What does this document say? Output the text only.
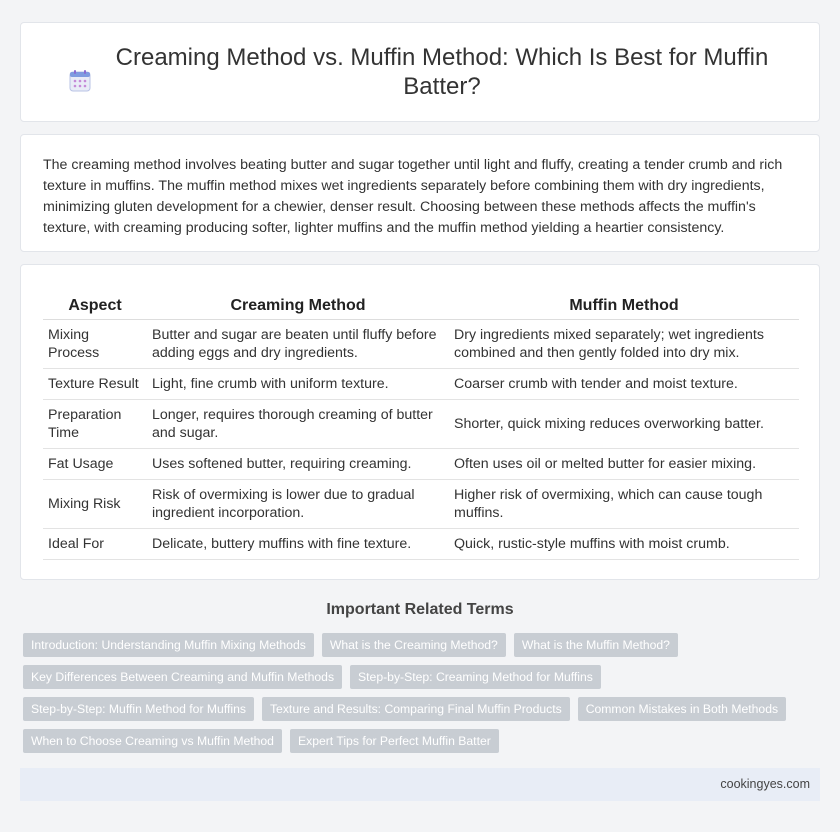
Creaming Method vs. Muffin Method: Which Is Best for Muffin Batter?

The creaming method involves beating butter and sugar together until light and fluffy, creating a tender crumb and rich texture in muffins. The muffin method mixes wet ingredients separately before combining them with dry ingredients, minimizing gluten development for a chewier, denser result. Choosing between these methods affects the muffin's texture, with creaming producing softer, lighter muffins and the muffin method yielding a heartier consistency.

Aspect	Creaming Method	Muffin Method
Mixing Process	Butter and sugar are beaten until fluffy before adding eggs and dry ingredients.	Dry ingredients mixed separately; wet ingredients combined and then gently folded into dry mix.
Texture Result	Light, fine crumb with uniform texture.	Coarser crumb with tender and moist texture.
Preparation Time	Longer, requires thorough creaming of butter and sugar.	Shorter, quick mixing reduces overworking batter.
Fat Usage	Uses softened butter, requiring creaming.	Often uses oil or melted butter for easier mixing.
Mixing Risk	Risk of overmixing is lower due to gradual ingredient incorporation.	Higher risk of overmixing, which can cause tough muffins.
Ideal For	Delicate, buttery muffins with fine texture.	Quick, rustic-style muffins with moist crumb.
Important Related Terms
Introduction: Understanding Muffin Mixing Methods	What is the Creaming Method?	What is the Muffin Method?
Key Differences Between Creaming and Muffin Methods	Step-by-Step: Creaming Method for Muffins
Step-by-Step: Muffin Method for Muffins	Texture and Results: Comparing Final Muffin Products	Common Mistakes in Both Methods
When to Choose Creaming vs Muffin Method	Expert Tips for Perfect Muffin Batter
cookingyes.com
